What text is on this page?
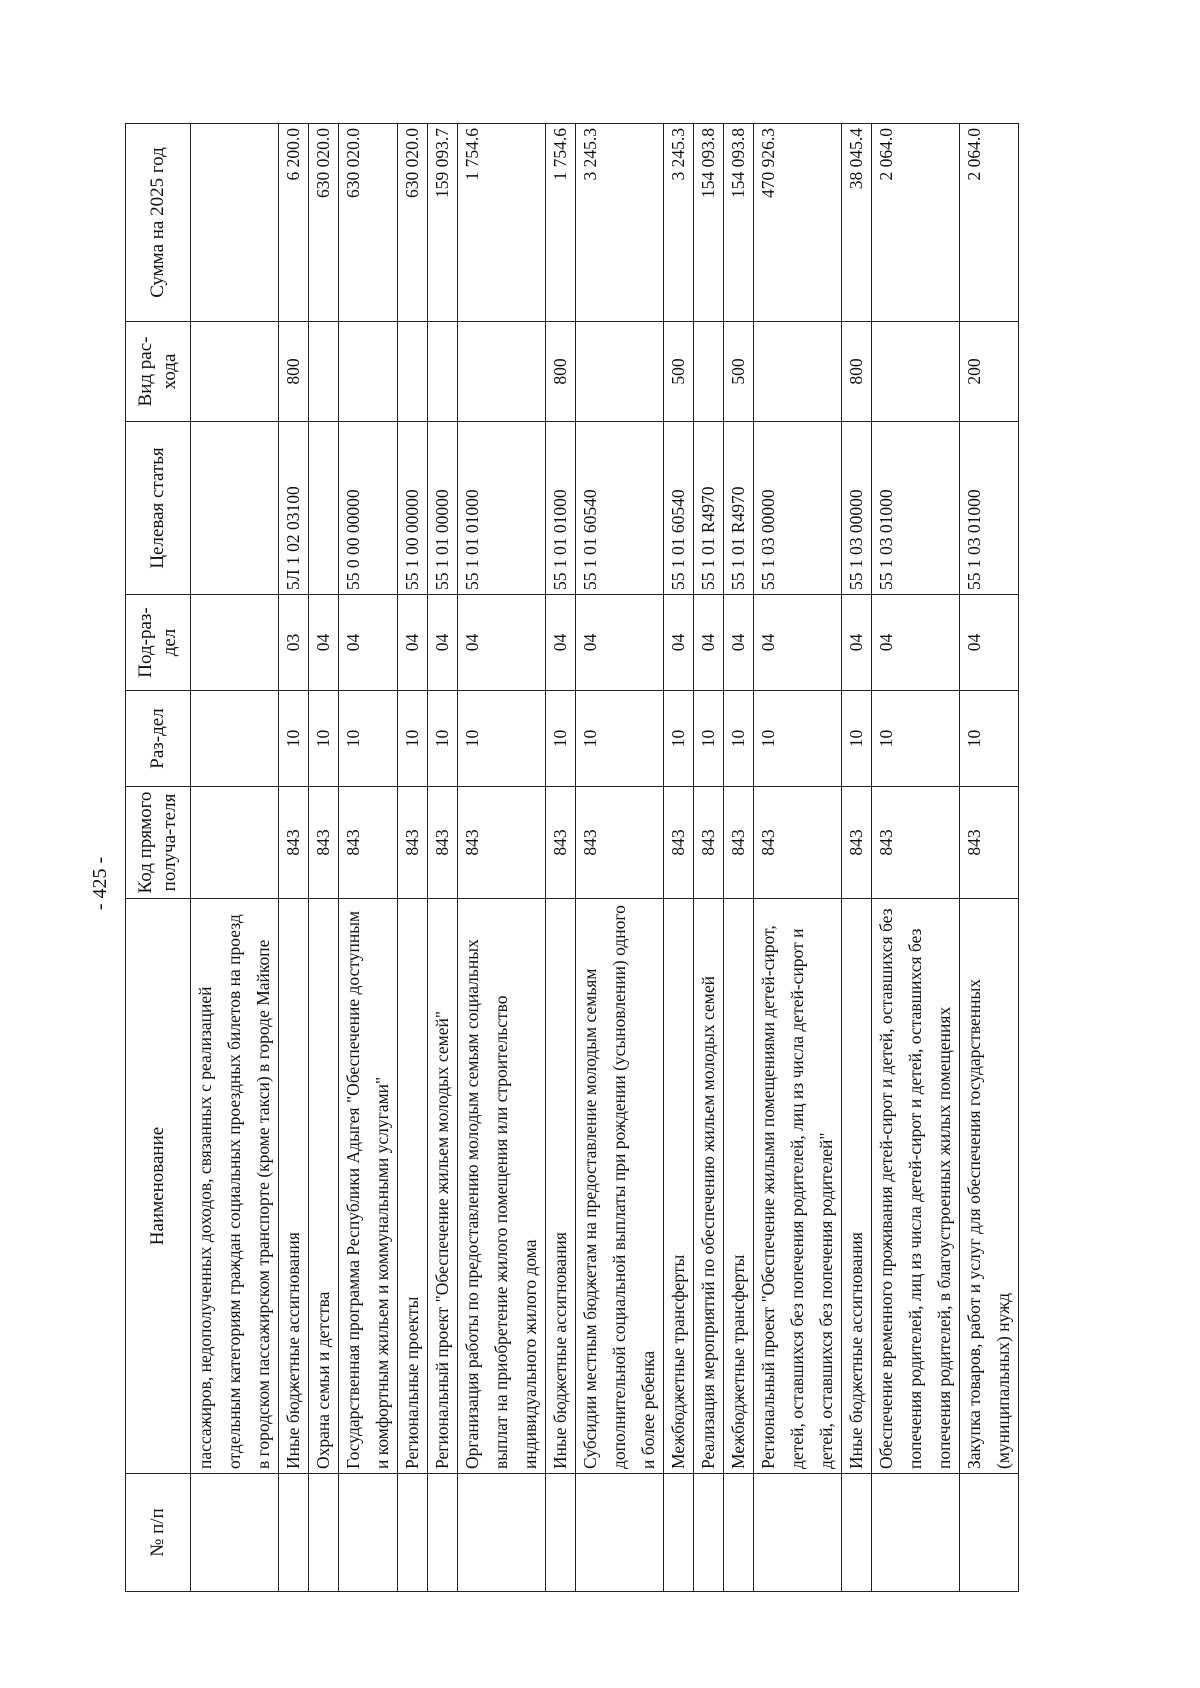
- 425 -
№ п/п	Наименование	Код прямого получа-теля	Раз-дел	Под-раз-дел	Целевая статья	Вид рас-хода	Сумма на 2025 год
	пассажиров, недополученных доходов, связанных с реализацией отдельным категориям граждан социальных проездных билетов на проезд в городском пассажирском транспорте (кроме такси) в городе Майкопе						
	Иные бюджетные ассигнования	843	10	03	5Л 1 02 03100	800	6 200.0
	Охрана семьи и детства	843	10	04			630 020.0
	Государственная программа Республики Адыгея "Обеспечение доступным и комфортным жильем и коммунальными услугами"	843	10	04	55 0 00 00000		630 020.0
	Региональные проекты	843	10	04	55 1 00 00000		630 020.0
	Региональный проект "Обеспечение жильем молодых семей"	843	10	04	55 1 01 00000		159 093.7
	Организация работы по предоставлению молодым семьям социальных выплат на приобретение жилого помещения или строительство индивидуального жилого дома	843	10	04	55 1 01 01000		1 754.6
	Иные бюджетные ассигнования	843	10	04	55 1 01 01000	800	1 754.6
	Субсидии местным бюджетам на предоставление молодым семьям дополнительной социальной выплаты при рождении (усыновлении) одного и более ребенка	843	10	04	55 1 01 60540		3 245.3
	Межбюджетные трансферты	843	10	04	55 1 01 60540	500	3 245.3
	Реализация мероприятий по обеспечению жильем молодых семей	843	10	04	55 1 01 R4970		154 093.8
	Межбюджетные трансферты	843	10	04	55 1 01 R4970	500	154 093.8
	Региональный проект "Обеспечение жилыми помещениями детей-сирот, детей, оставшихся без попечения родителей, лиц из числа детей-сирот и детей, оставшихся без попечения родителей"	843	10	04	55 1 03 00000		470 926.3
	Иные бюджетные ассигнования	843	10	04	55 1 03 00000	800	38 045.4
	Обеспечение временного проживания детей-сирот и детей, оставшихся без попечения родителей, лиц из числа детей-сирот и детей, оставшихся без попечения родителей, в благоустроенных жилых помещениях	843	10	04	55 1 03 01000		2 064.0
	Закупка товаров, работ и услуг для обеспечения государственных (муниципальных) нужд	843	10	04	55 1 03 01000	200	2 064.0
